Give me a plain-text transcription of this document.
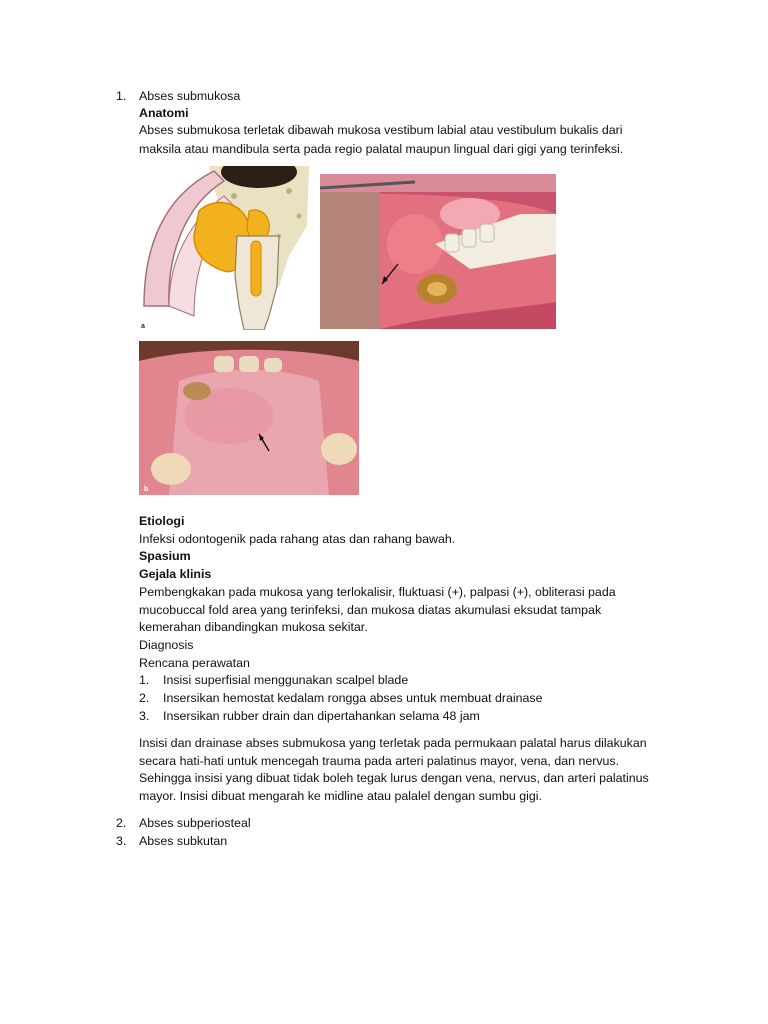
1.	Abses submukosa
Anatomi
Abses submukosa terletak dibawah mukosa vestibum labial atau vestibulum bukalis dari
maksila atau mandibula serta pada regio palatal maupun lingual dari gigi yang terinfeksi.
a
b
Etiologi
Infeksi odontogenik pada rahang atas dan rahang bawah.
Spasium
Gejala klinis
Pembengkakan pada mukosa yang terlokalisir, fluktuasi (+), palpasi (+), obliterasi pada
mucobuccal fold area yang terinfeksi, dan mukosa diatas akumulasi eksudat tampak
kemerahan dibandingkan mukosa sekitar.
Diagnosis
Rencana perawatan
1.	Insisi superfisial menggunakan scalpel blade
2.	Insersikan hemostat kedalam rongga abses untuk membuat drainase
3.	Insersikan rubber drain dan dipertahankan selama 48 jam
Insisi dan drainase abses submukosa yang terletak pada permukaan palatal harus dilakukan
secara hati-hati untuk mencegah trauma pada arteri palatinus mayor, vena, dan nervus.
Sehingga insisi yang dibuat tidak boleh tegak lurus dengan vena, nervus, dan arteri palatinus
mayor. Insisi dibuat mengarah ke midline atau palalel dengan sumbu gigi.
2.	Abses subperiosteal
3.	Abses subkutan
